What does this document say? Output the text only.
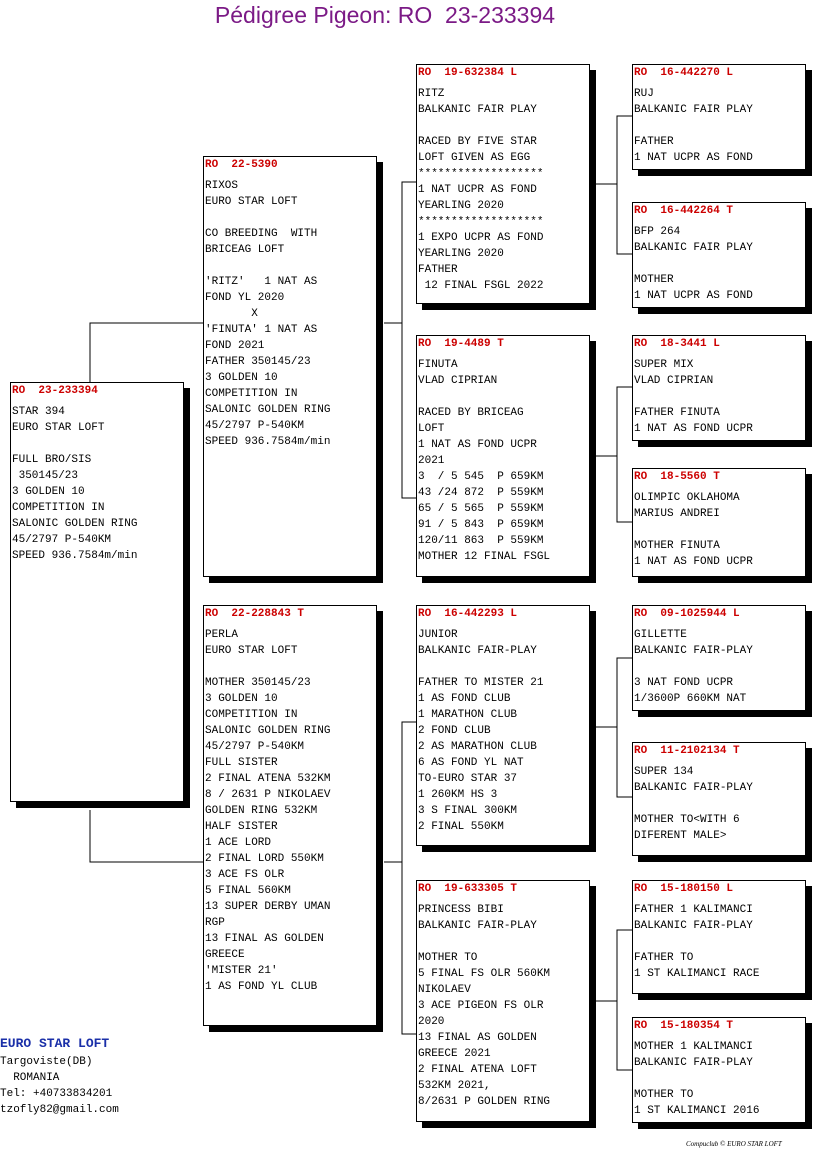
Pédigree Pigeon: RO  23-233394
RO  23-233394
STAR 394
EURO STAR LOFT

FULL BRO/SIS
350145/23
3 GOLDEN 10
COMPETITION IN
SALONIC GOLDEN RING
45/2797 P-540KM
SPEED 936.7584m/min
RO  22-5390
RIXOS
EURO STAR LOFT

CO BREEDING  WITH
BRICEAG LOFT

'RITZ'   1 NAT AS
FOND YL 2020
X
'FINUTA' 1 NAT AS
FOND 2021
FATHER 350145/23
3 GOLDEN 10
COMPETITION IN
SALONIC GOLDEN RING
45/2797 P-540KM
SPEED 936.7584m/min
RO  22-228843 T
PERLA
EURO STAR LOFT

MOTHER 350145/23
3 GOLDEN 10
COMPETITION IN
SALONIC GOLDEN RING
45/2797 P-540KM
FULL SISTER
2 FINAL ATENA 532KM
8 / 2631 P NIKOLAEV
GOLDEN RING 532KM
HALF SISTER
1 ACE LORD
2 FINAL LORD 550KM
3 ACE FS OLR
5 FINAL 560KM
13 SUPER DERBY UMAN
RGP
13 FINAL AS GOLDEN
GREECE
'MISTER 21'
1 AS FOND YL CLUB
RO  19-632384 L
RITZ
BALKANIC FAIR PLAY

RACED BY FIVE STAR
LOFT GIVEN AS EGG
*******************
1 NAT UCPR AS FOND
YEARLING 2020
*******************
1 EXPO UCPR AS FOND
YEARLING 2020
FATHER
12 FINAL FSGL 2022
RO  19-4489 T
FINUTA
VLAD CIPRIAN

RACED BY BRICEAG
LOFT
1 NAT AS FOND UCPR
2021
3  / 5 545  P 659KM
43 /24 872  P 559KM
65 / 5 565  P 559KM
91 / 5 843  P 659KM
120/11 863  P 559KM
MOTHER 12 FINAL FSGL
RO  16-442293 L
JUNIOR
BALKANIC FAIR-PLAY

FATHER TO MISTER 21
1 AS FOND CLUB
1 MARATHON CLUB
2 FOND CLUB
2 AS MARATHON CLUB
6 AS FOND YL NAT
TO-EURO STAR 37
1 260KM HS 3
3 S FINAL 300KM
2 FINAL 550KM
RO  19-633305 T
PRINCESS BIBI
BALKANIC FAIR-PLAY

MOTHER TO
5 FINAL FS OLR 560KM
NIKOLAEV
3 ACE PIGEON FS OLR
2020
13 FINAL AS GOLDEN
GREECE 2021
2 FINAL ATENA LOFT
532KM 2021,
8/2631 P GOLDEN RING
RO  16-442270 L
RUJ
BALKANIC FAIR PLAY

FATHER
1 NAT UCPR AS FOND
RO  16-442264 T
BFP 264
BALKANIC FAIR PLAY

MOTHER
1 NAT UCPR AS FOND
RO  18-3441 L
SUPER MIX
VLAD CIPRIAN

FATHER FINUTA
1 NAT AS FOND UCPR
RO  18-5560 T
OLIMPIC OKLAHOMA
MARIUS ANDREI

MOTHER FINUTA
1 NAT AS FOND UCPR
RO  09-1025944 L
GILLETTE
BALKANIC FAIR-PLAY

3 NAT FOND UCPR
1/3600P 660KM NAT
RO  11-2102134 T
SUPER 134
BALKANIC FAIR-PLAY

MOTHER TO<WITH 6
DIFERENT MALE>
RO  15-180150 L
FATHER 1 KALIMANCI
BALKANIC FAIR-PLAY

FATHER TO
1 ST KALIMANCI RACE
RO  15-180354 T
MOTHER 1 KALIMANCI
BALKANIC FAIR-PLAY

MOTHER TO
1 ST KALIMANCI 2016
EURO STAR LOFT
Targoviste(DB)
ROMANIA
Tel: +40733834201
tzofly82@gmail.com
Compuclub © EURO STAR LOFT
